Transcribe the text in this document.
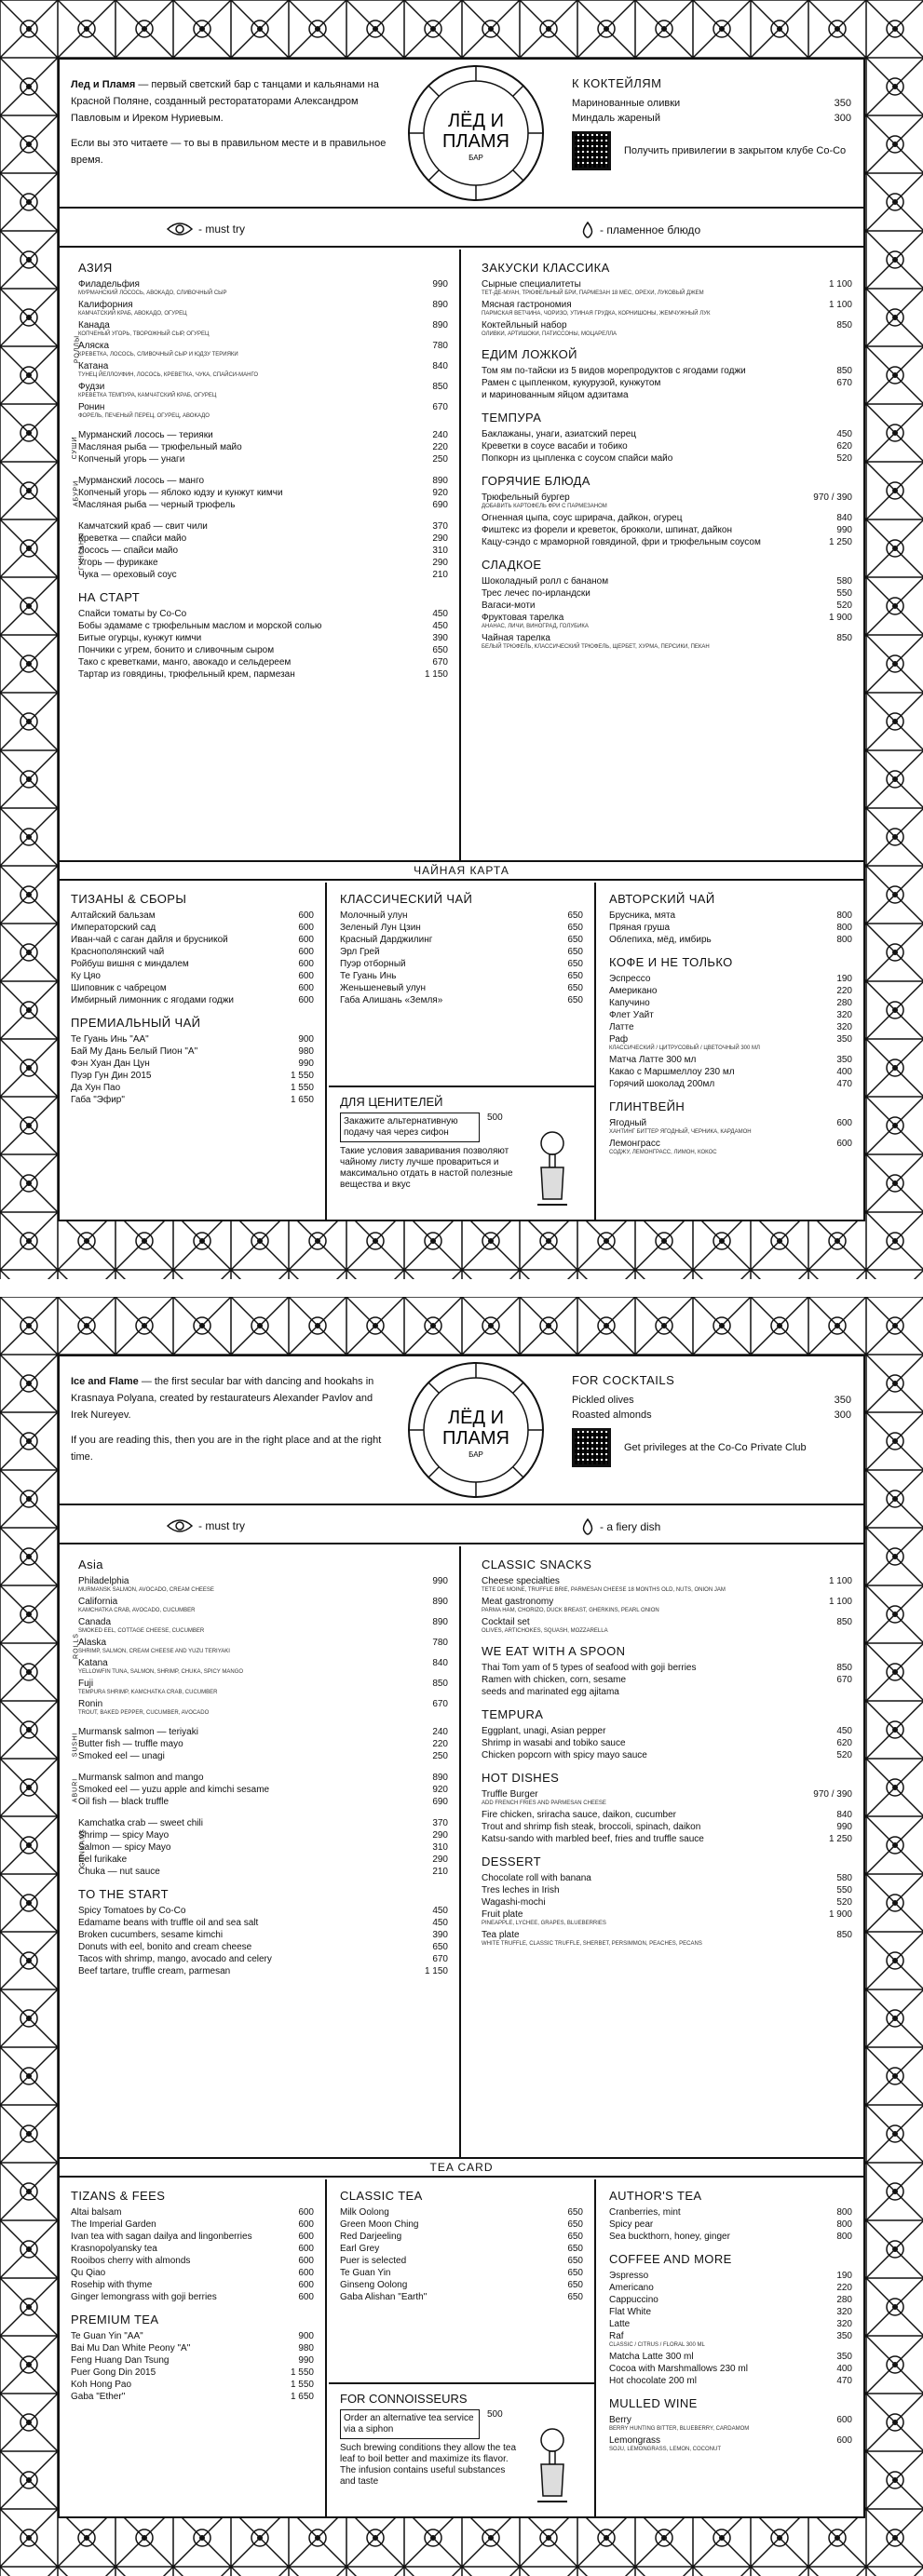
Лед и Пламя — первый светский бар с танцами и кальянами на Красной Поляне, созданный ресторататорами Александром Павловым и Иреком Нуриевым.

Если вы это читаете — то вы в правильном месте и в правильное время.

ЛЁД И
ПЛАМЯ
БАР
К КОКТЕЙЛЯМ
Маринованные оливки	350
Миндаль жареный	300
Получить привилегии в закрытом клубе Co-Co
- must try	- пламенное блюдо
АЗИЯ
РОЛЛЫ
Филадельфия	990
МУРМАНСКИЙ ЛОСОСЬ, АВОКАДО, СЛИВОЧНЫЙ СЫР
Калифорния	890
КАМЧАТСКИЙ КРАБ, АВОКАДО, ОГУРЕЦ
Канада	890
КОПЧЕНЫЙ УГОРЬ, ТВОРОЖНЫЙ СЫР, ОГУРЕЦ
Аляска	780
КРЕВЕТКА, ЛОСОСЬ, СЛИВОЧНЫЙ СЫР И ЮДЗУ ТЕРИЯКИ
Катана	840
ТУНЕЦ ЙЕЛЛОУФИН, ЛОСОСЬ, КРЕВЕТКА, ЧУКА, СПАЙСИ-МАНГО
Фудзи	850
КРЕВЕТКА ТЕМПУРА, КАМЧАТСКИЙ КРАБ, ОГУРЕЦ
Ронин	670
ФОРЕЛЬ, ПЕЧЕНЫЙ ПЕРЕЦ, ОГУРЕЦ, АВОКАДО
СУШИ
Мурманский лосось — терияки	240
Масляная рыба — трюфельный майо	220
Копченый угорь — унаги	250
АБУРИ
Мурманский лосось — манго	890
Копченый угорь — яблоко юдзу и кунжут кимчи	920
Масляная рыба — черный трюфель	690
ГУНКАНЫ
Камчатский краб — свит чили	370
Креветка — спайси майо	290
Лосось — спайси майо	310
Угорь — фурикаке	290
Чука — ореховый соус	210
НА СТАРТ
Спайси томаты by Co-Co	450
Бобы эдамаме с трюфельным маслом и морской солью	450
Битые огурцы, кунжут кимчи	390
Пончики с угрем, бонито и сливочным сыром	650
Тако с креветками, манго, авокадо и сельдереем	670
Тартар из говядины, трюфельный крем, пармезан	1 150
ЗАКУСКИ КЛАССИКА
Сырные специалитеты	1 100
ТЕТ-ДЕ-МУАН, ТРЮФЕЛЬНЫЙ БРИ, ПАРМЕЗАН 18 МЕС, ОРЕХИ, ЛУКОВЫЙ ДЖЕМ
Мясная гастрономия	1 100
ПАРМСКАЯ ВЕТЧИНА, ЧОРИЗО, УТИНАЯ ГРУДКА, КОРНИШОНЫ, ЖЕМЧУЖНЫЙ ЛУК
Коктейльный набор	850
ОЛИВКИ, АРТИШОКИ, ПАТИССОНЫ, МОЦАРЕЛЛА
ЕДИМ ЛОЖКОЙ
Том ям по-тайски из 5 видов морепродуктов с ягодами годжи	850
Рамен с цыпленком, кукурузой, кунжутом	670
и маринованным яйцом адзитама
ТЕМПУРА
Баклажаны, унаги, азиатский перец	450
Креветки в соусе васаби и тобико	620
Попкорн из цыпленка с соусом спайси майо	520
ГОРЯЧИЕ БЛЮДА
Трюфельный бургер	970 / 390
ДОБАВИТЬ КАРТОФЕЛЬ ФРИ С ПАРМЕЗАНОМ
Огненная цыпа, соус шрирача, дайкон, огурец	840
Фиштекс из форели и креветок, брокколи, шпинат, дайкон	990
Кацу-сэндо с мраморной говядиной, фри и трюфельным соусом	1 250
СЛАДКОЕ
Шоколадный ролл с бананом	580
Трес лечес по-ирландски	550
Вагаси-моти	520
Фруктовая тарелка	1 900
АНАНАС, ЛИЧИ, ВИНОГРАД, ГОЛУБИКА
Чайная тарелка	850
БЕЛЫЙ ТРЮФЕЛЬ, КЛАССИЧЕСКИЙ ТРЮФЕЛЬ, ЩЕРБЕТ, ХУРМА, ПЕРСИКИ, ПЕКАН
ЧАЙНАЯ КАРТА
ТИЗАНЫ & СБОРЫ
Алтайский бальзам	600
Императорский сад	600
Иван-чай с саган дайля и брусникой	600
Краснополянский чай	600
Ройбуш вишня с миндалем	600
Ку Цяо	600
Шиповник с чабрецом	600
Имбирный лимонник с ягодами годжи	600
ПРЕМИАЛЬНЫЙ ЧАЙ
Те Гуань Инь "АА"	900
Бай Му Дань Белый Пион "А"	980
Фэн Хуан Дан Цун	990
Пуэр Гун Дин 2015	1 550
Да Хун Пао	1 550
Габа "Эфир"	1 650
КЛАССИЧЕСКИЙ ЧАЙ
Молочный улун	650
Зеленый Лун Цзин	650
Красный Дарджилинг	650
Эрл Грей	650
Пуэр отборный	650
Те Гуань Инь	650
Женьшеневый улун	650
Габа Алишань «Земля»	650
ДЛЯ ЦЕНИТЕЛЕЙ
Закажите альтернативную подачу чая через сифон
500
Такие условия заваривания позволяют чайному листу лучше провариться и максимально отдать в настой полезные вещества и вкус
АВТОРСКИЙ ЧАЙ
Брусника, мята	800
Пряная груша	800
Облепиха, мёд, имбирь	800
КОФЕ И НЕ ТОЛЬКО
Эспрессо	190
Американо	220
Капучино	280
Флет Уайт	320
Латте	320
Раф	350
КЛАССИЧЕСКИЙ / ЦИТРУСОВЫЙ / ЦВЕТОЧНЫЙ 300 МЛ
Матча Латте 300 мл	350
Какао с Маршмеллоу 230 мл	400
Горячий шоколад 200мл	470
ГЛИНТВЕЙН
Ягодный	600
ХАНТИНГ БИТТЕР ЯГОДНЫЙ, ЧЕРНИКА, КАРДАМОН
Лемонграсс	600
СОДЖУ, ЛЕМОНГРАСС, ЛИМОН, КОКОС

Ice and Flame — the first secular bar with dancing and hookahs in Krasnaya Polyana, created by restaurateurs Alexander Pavlov and Irek Nureyev.

If you are reading this, then you are in the right place and at the right time.

ЛЁД И
ПЛАМЯ
БАР
FOR COCKTAILS
Pickled olives	350
Roasted almonds	300
Get privileges at the Co-Co Private Club
- must try	- a fiery dish
Asia
ROLLS
Philadelphia	990
MURMANSK SALMON, AVOCADO, CREAM CHEESE
California	890
KAMCHATKA CRAB, AVOCADO, CUCUMBER
Canada	890
SMOKED EEL, COTTAGE CHEESE, CUCUMBER
Alaska	780
SHRIMP, SALMON, CREAM CHEESE AND YUZU TERIYAKI
Katana	840
YELLOWFIN TUNA, SALMON, SHRIMP, CHUKA, SPICY MANGO
Fuji	850
TEMPURA SHRIMP, KAMCHATKA CRAB, CUCUMBER
Ronin	670
TROUT, BAKED PEPPER, CUCUMBER, AVOCADO
SUSHI Murmansk salmon — teriyaki	240
Butter fish — truffle mayo	220
Smoked eel — unagi	250
ABURI Murmansk salmon and mango	890
Smoked eel — yuzu apple and kimchi sesame	920
Oil fish — black truffle	690
GUNKANS
Kamchatka crab — sweet chili	370
Shrimp — spicy Mayo	290
Salmon — spicy Mayo	310
Eel furikake	290
Chuka — nut sauce	210
TO THE START
Spicy Tomatoes by Co-Co	450
Edamame beans with truffle oil and sea salt	450
Broken cucumbers, sesame kimchi	390
Donuts with eel, bonito and cream cheese	650
Tacos with shrimp, mango, avocado and celery	670
Beef tartare, truffle cream, parmesan	1 150
CLASSIC SNACKS
Cheese specialties	1 100
TETE DE MOINE, TRUFFLE BRIE, PARMESAN CHEESE 18 MONTHS OLD, NUTS, ONION JAM
Meat gastronomy	1 100
PARMA HAM, CHORIZO, DUCK BREAST, GHERKINS, PEARL ONION
Cocktail set	850
OLIVES, ARTICHOKES, SQUASH, MOZZARELLA
WE EAT WITH A SPOON
Thai Tom yam of 5 types of seafood with goji berries	850
Ramen with chicken, corn, sesame	670
seeds and marinated egg ajitama
TEMPURA
Eggplant, unagi, Asian pepper	450
Shrimp in wasabi and tobiko sauce	620
Chicken popcorn with spicy mayo sauce	520
HOT DISHES
Truffle Burger	970 / 390
ADD FRENCH FRIES AND PARMESAN CHEESE
Fire chicken, sriracha sauce, daikon, cucumber	840
Trout and shrimp fish steak, broccoli, spinach, daikon	990
Katsu-sando with marbled beef, fries and truffle sauce	1 250
DESSERT
Chocolate roll with banana	580
Tres leches in Irish	550
Wagashi-mochi	520
Fruit plate	1 900
PINEAPPLE, LYCHEE, GRAPES, BLUEBERRIES
Tea plate	850
WHITE TRUFFLE, CLASSIC TRUFFLE, SHERBET, PERSIMMON, PEACHES, PECANS
TEA CARD
TIZANS & FEES
Altai balsam	600
The Imperial Garden	600
Ivan tea with sagan dailya and lingonberries	600
Krasnopolyansky tea	600
Rooibos cherry with almonds	600
Qu Qiao	600
Rosehip with thyme	600
Ginger lemongrass with goji berries	600
PREMIUM TEA
Te Guan Yin "AA"	900
Bai Mu Dan White Peony "A"	980
Feng Huang Dan Tsung	990
Puer Gong Din 2015	1 550
Koh Hong Pao	1 550
Gaba "Ether"	1 650
CLASSIC TEA
Milk Oolong	650
Green Moon Ching	650
Red Darjeeling	650
Earl Grey	650
Puer is selected	650
Te Guan Yin	650
Ginseng Oolong	650
Gaba Alishan "Earth"	650
FOR CONNOISSEURS
Order an alternative tea service via a siphon
500
Such brewing conditions they allow the tea leaf to boil better and maximize its flavor. The infusion contains useful substances and taste
AUTHOR'S TEA
Cranberries, mint	800
Spicy pear	800
Sea buckthorn, honey, ginger	800
COFFEE AND MORE
Эspresso	190
Americano	220
Cappuccino	280
Flat White	320
Latte	320
Raf	350
CLASSIC / CITRUS / FLORAL 300 ML
Matcha Latte 300 ml	350
Cocoa with Marshmallows 230 ml	400
Hot chocolate 200 ml	470
MULLED WINE
Berry	600
BERRY HUNTING BITTER, BLUEBERRY, CARDAMOM
Lemongrass	600
SOJU, LEMONGRASS, LEMON, COCONUT
